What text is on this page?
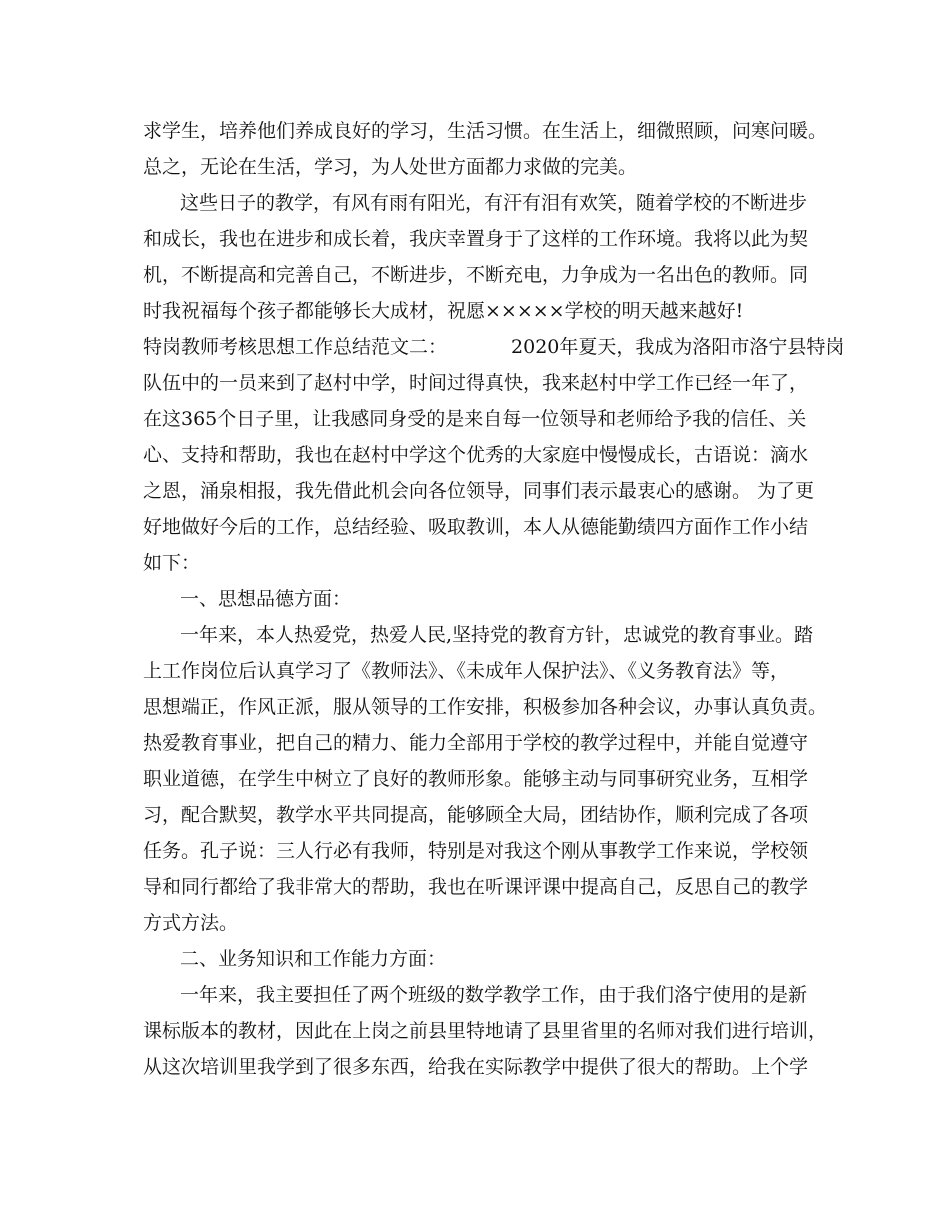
求学生，培养他们养成良好的学习，生活习惯。在生活上，细微照顾，问寒问暖。
总之，无论在生活，学习，为人处世方面都力求做的完美。
这些日子的教学，有风有雨有阳光，有汗有泪有欢笑，随着学校的不断进步
和成长，我也在进步和成长着，我庆幸置身于了这样的工作环境。我将以此为契
机，不断提高和完善自己，不断进步，不断充电，力争成为一名出色的教师。同
时我祝福每个孩子都能够长大成材，祝愿×××××学校的明天越来越好!
特岗教师考核思想工作总结范文二：	2020年夏天，我成为洛阳市洛宁县特岗
队伍中的一员来到了赵村中学，时间过得真快，我来赵村中学工作已经一年了，
在这365个日子里，让我感同身受的是来自每一位领导和老师给予我的信任、关
心、支持和帮助，我也在赵村中学这个优秀的大家庭中慢慢成长，古语说：滴水
之恩，涌泉相报，我先借此机会向各位领导，同事们表示最衷心的感谢。 为了更
好地做好今后的工作，总结经验、吸取教训，本人从德能勤绩四方面作工作小结
如下：
一、思想品德方面：
一年来，本人热爱党，热爱人民,坚持党的教育方针，忠诚党的教育事业。踏
上工作岗位后认真学习了《教师法》、《未成年人保护法》、《义务教育法》等，
思想端正，作风正派，服从领导的工作安排，积极参加各种会议，办事认真负责。
热爱教育事业，把自己的精力、能力全部用于学校的教学过程中，并能自觉遵守
职业道德，在学生中树立了良好的教师形象。能够主动与同事研究业务，互相学
习，配合默契，教学水平共同提高，能够顾全大局，团结协作，顺利完成了各项
任务。孔子说：三人行必有我师，特别是对我这个刚从事教学工作来说，学校领
导和同行都给了我非常大的帮助，我也在听课评课中提高自己，反思自己的教学
方式方法。
二、业务知识和工作能力方面：
一年来，我主要担任了两个班级的数学教学工作，由于我们洛宁使用的是新
课标版本的教材，因此在上岗之前县里特地请了县里省里的名师对我们进行培训，
从这次培训里我学到了很多东西，给我在实际教学中提供了很大的帮助。上个学
